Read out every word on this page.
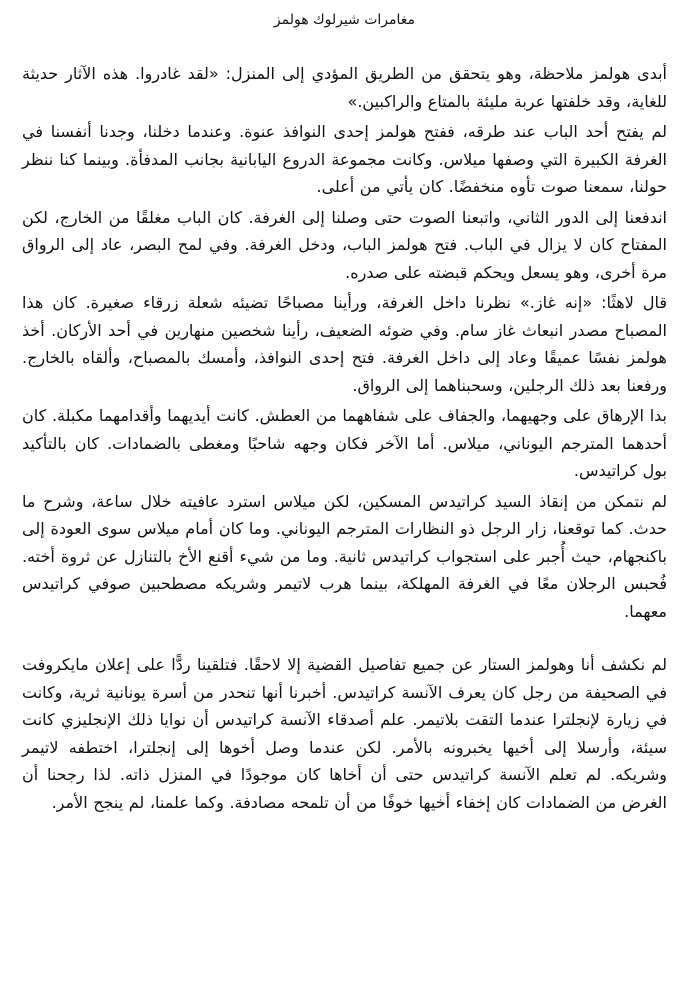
مغامرات شيرلوك هولمز

أبدى هولمز ملاحظة، وهو يتحقق من الطريق المؤدي إلى المنزل: «لقد غادروا. هذه الآثار حديثة للغاية، وقد خلفتها عربة مليئة بالمتاع والراكبين.»

لم يفتح أحد الباب عند طرقه، ففتح هولمز إحدى النوافذ عنوة. وعندما دخلنا، وجدنا أنفسنا في الغرفة الكبيرة التي وصفها ميلاس. وكانت مجموعة الدروع اليابانية بجانب المدفأة. وبينما كنا ننظر حولنا، سمعنا صوت تأوه منخفضًا. كان يأتي من أعلى.

اندفعنا إلى الدور الثاني، واتبعنا الصوت حتى وصلنا إلى الغرفة. كان الباب مغلقًا من الخارج، لكن المفتاح كان لا يزال في الباب. فتح هولمز الباب، ودخل الغرفة. وفي لمح البصر، عاد إلى الرواق مرة أخرى، وهو يسعل ويحكم قبضته على صدره.

قال لاهثًا: «إنه غاز.» نظرنا داخل الغرفة، ورأينا مصباحًا تضيئه شعلة زرقاء صغيرة. كان هذا المصباح مصدر انبعاث غاز سام. وفي ضوئه الضعيف، رأينا شخصين منهارين في أحد الأركان. أخذ هولمز نفسًا عميقًا وعاد إلى داخل الغرفة. فتح إحدى النوافذ، وأمسك بالمصباح، وألقاه بالخارج. ورفعنا بعد ذلك الرجلين، وسحبناهما إلى الرواق.

بدا الإرهاق على وجهيهما، والجفاف على شفاههما من العطش. كانت أيديهما وأقدامهما مكبلة. كان أحدهما المترجم اليوناني، ميلاس. أما الآخر فكان وجهه شاحبًا ومغطى بالضمادات. كان بالتأكيد بول كراتيدس.

لم نتمكن من إنقاذ السيد كراتيدس المسكين، لكن ميلاس استرد عافيته خلال ساعة، وشرح ما حدث. كما توقعنا، زار الرجل ذو النظارات المترجم اليوناني. وما كان أمام ميلاس سوى العودة إلى باكنجهام، حيث أُجبر على استجواب كراتيدس ثانية. وما من شيء أقنع الأخ بالتنازل عن ثروة أخته. فُحبس الرجلان معًا في الغرفة المهلكة، بينما هرب لاتيمر وشريكه مصطحبين صوفي كراتيدس معهما.

لم نكشف أنا وهولمز الستار عن جميع تفاصيل القضية إلا لاحقًا. فتلقينا ردًّا على إعلان مايكروفت في الصحيفة من رجل كان يعرف الآنسة كراتيدس. أخبرنا أنها تنحدر من أسرة يونانية ثرية، وكانت في زيارة لإنجلترا عندما التقت بلاتيمر. علم أصدقاء الآنسة كراتيدس أن نوايا ذلك الإنجليزي كانت سيئة، وأرسلا إلى أخيها يخبرونه بالأمر. لكن عندما وصل أخوها إلى إنجلترا، اختطفه لاتيمر وشريكه. لم تعلم الآنسة كراتيدس حتى أن أخاها كان موجودًا في المنزل ذاته. لذا رجحنا أن الغرض من الضمادات كان إخفاء أخيها خوفًا من أن تلمحه مصادفة. وكما علمنا، لم ينجح الأمر.
